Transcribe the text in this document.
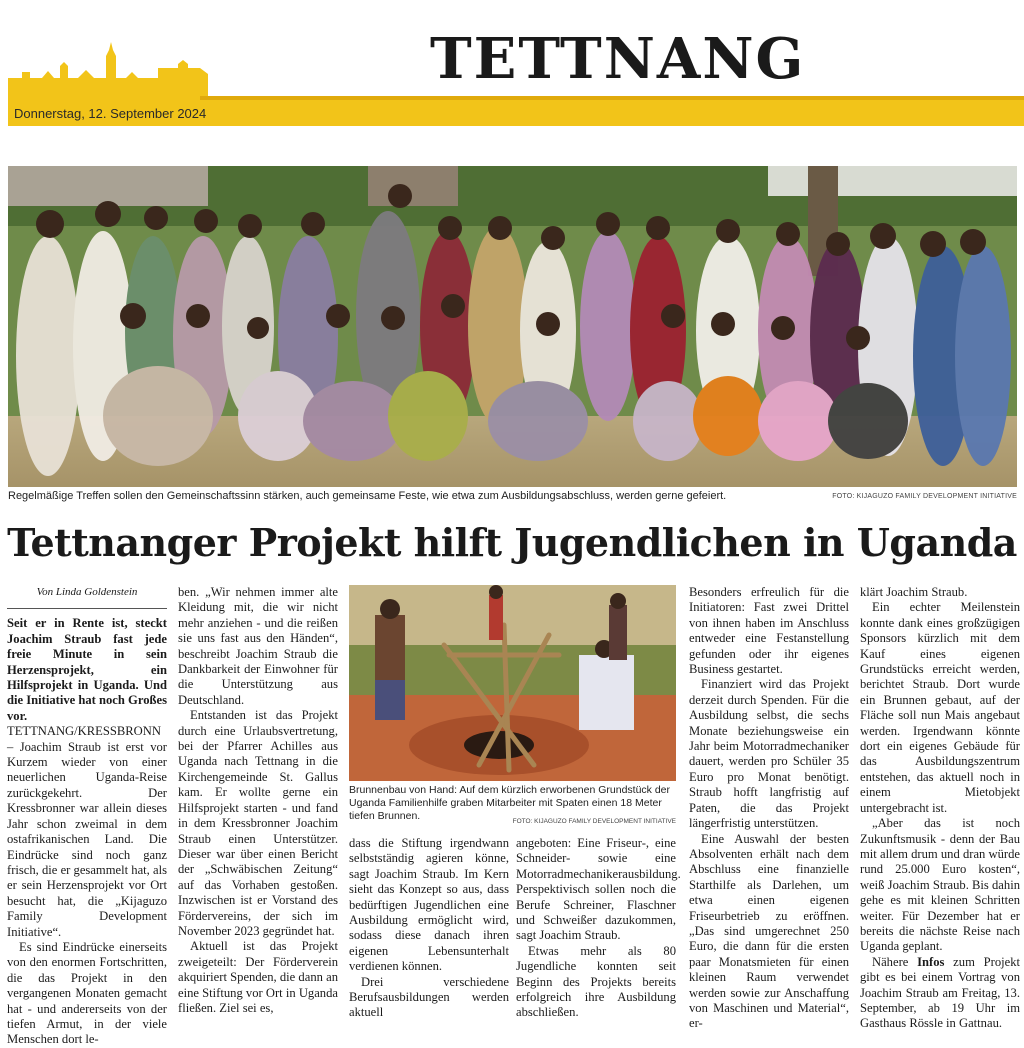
TETTNANG
Donnerstag, 12. September 2024
Regelmäßige Treffen sollen den Gemeinschaftssinn stärken, auch gemeinsame Feste, wie etwa zum Ausbildungsabschluss, werden gerne gefeiert.	FOTO: KIJAGUZO FAMILY DEVELOPMENT INITIATIVE
Tettnanger Projekt hilft Jugendlichen in Uganda
Von Linda Goldenstein

Seit er in Rente ist, steckt Joachim Straub fast jede freie Minute in sein Herzensprojekt, ein Hilfsprojekt in Uganda. Und die Initiative hat noch Großes vor.

TETTNANG/KRESSBRONN – Joachim Straub ist erst vor Kurzem wieder von einer neuerlichen Uganda-Reise zurückgekehrt. Der Kressbronner war allein dieses Jahr schon zweimal in dem ostafrikanischen Land. Die Eindrücke sind noch ganz frisch, die er gesammelt hat, als er sein Herzensprojekt vor Ort besucht hat, die „Kijaguzo Family Development Initiative“.

Es sind Eindrücke einerseits von den enormen Fortschritten, die das Projekt in den vergangenen Monaten gemacht hat - und andererseits von der tiefen Armut, in der viele Menschen dort le-

ben. „Wir nehmen immer alte Kleidung mit, die wir nicht mehr anziehen - und die reißen sie uns fast aus den Händen“, beschreibt Joachim Straub die Dankbarkeit der Einwohner für die Unterstützung aus Deutschland.

Entstanden ist das Projekt durch eine Urlaubsvertretung, bei der Pfarrer Achilles aus Uganda nach Tettnang in die Kirchengemeinde St. Gallus kam. Er wollte gerne ein Hilfsprojekt starten - und fand in dem Kressbronner Joachim Straub einen Unterstützer. Dieser war über einen Bericht der „Schwäbischen Zeitung“ auf das Vorhaben gestoßen. Inzwischen ist er Vorstand des Fördervereins, der sich im November 2023 gegründet hat.

Aktuell ist das Projekt zweigeteilt: Der Förderverein akquiriert Spenden, die dann an eine Stiftung vor Ort in Uganda fließen. Ziel sei es,

Brunnenbau von Hand: Auf dem kürzlich erworbenen Grundstück der Uganda Familienhilfe graben Mitarbeiter mit Spaten einen 18 Meter tiefen Brunnen.	FOTO: KIJAGUZO FAMILY DEVELOPMENT INITIATIVE

dass die Stiftung irgendwann selbstständig agieren könne, sagt Joachim Straub. Im Kern sieht das Konzept so aus, dass bedürftigen Jugendlichen eine Ausbildung ermöglicht wird, sodass diese danach ihren eigenen Lebensunterhalt verdienen können.

Drei verschiedene Berufsausbildungen werden aktuell

angeboten: Eine Friseur-, eine Schneider- sowie eine Motorradmechanikerausbildung. Perspektivisch sollen noch die Berufe Schreiner, Flaschner und Schweißer dazukommen, sagt Joachim Straub.

Etwas mehr als 80 Jugendliche konnten seit Beginn des Projekts bereits erfolgreich ihre Ausbildung abschließen.

Besonders erfreulich für die Initiatoren: Fast zwei Drittel von ihnen haben im Anschluss entweder eine Festanstellung gefunden oder ihr eigenes Business gestartet.

Finanziert wird das Projekt derzeit durch Spenden. Für die Ausbildung selbst, die sechs Monate beziehungsweise ein Jahr beim Motorradmechaniker dauert, werden pro Schüler 35 Euro pro Monat benötigt. Straub hofft langfristig auf Paten, die das Projekt längerfristig unterstützen.

Eine Auswahl der besten Absolventen erhält nach dem Abschluss eine finanzielle Starthilfe als Darlehen, um etwa einen eigenen Friseurbetrieb zu eröffnen. „Das sind umgerechnet 250 Euro, die dann für die ersten paar Monatsmieten für einen kleinen Raum verwendet werden sowie zur Anschaffung von Maschinen und Material“, er-

klärt Joachim Straub.

Ein echter Meilenstein konnte dank eines großzügigen Sponsors kürzlich mit dem Kauf eines eigenen Grundstücks erreicht werden, berichtet Straub. Dort wurde ein Brunnen gebaut, auf der Fläche soll nun Mais angebaut werden. Irgendwann könnte dort ein eigenes Gebäude für das Ausbildungszentrum entstehen, das aktuell noch in einem Mietobjekt untergebracht ist.

„Aber das ist noch Zukunftsmusik - denn der Bau mit allem drum und dran würde rund 25.000 Euro kosten“, weiß Joachim Straub. Bis dahin gehe es mit kleinen Schritten weiter. Für Dezember hat er bereits die nächste Reise nach Uganda geplant.

Nähere Infos zum Projekt gibt es bei einem Vortrag von Joachim Straub am Freitag, 13. September, ab 19 Uhr im Gasthaus Rössle in Gattnau.
